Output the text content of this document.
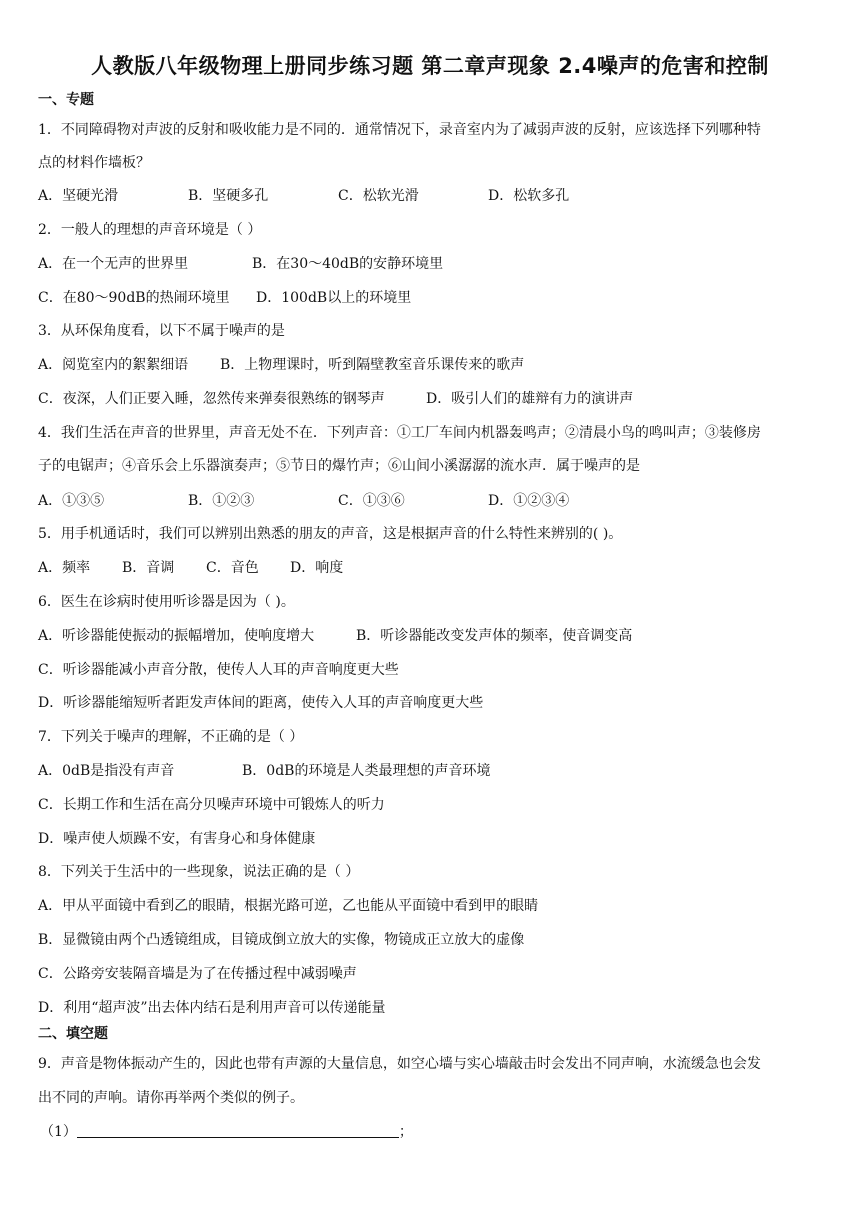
人教版八年级物理上册同步练习题 第二章声现象 2.4噪声的危害和控制
一、专题
1．不同障碍物对声波的反射和吸收能力是不同的．通常情况下，录音室内为了减弱声波的反射，应该选择下列哪种特
点的材料作墙板？
A．坚硬光滑	B．坚硬多孔	C．松软光滑	D．松软多孔
2．一般人的理想的声音环境是（ ）
A．在一个无声的世界里	B．在30～40dB的安静环境里
C．在80～90dB的热闹环境里 D．100dB以上的环境里
3．从环保角度看，以下不属于噪声的是
A．阅览室内的絮絮细语 B．上物理课时，听到隔壁教室音乐课传来的歌声
C．夜深，人们正要入睡，忽然传来弹奏很熟练的钢琴声	D．吸引人们的雄辩有力的演讲声
4．我们生活在声音的世界里，声音无处不在．下列声音：①工厂车间内机器轰鸣声；②清晨小鸟的鸣叫声；③装修房
子的电锯声；④音乐会上乐器演奏声；⑤节日的爆竹声；⑥山间小溪潺潺的流水声．属于噪声的是
A．①③⑤	B．①②③	C．①③⑥	D．①②③④
5．用手机通话时，我们可以辨别出熟悉的朋友的声音，这是根据声音的什么特性来辨别的( )。
A．频率 B．音调 C．音色 D．响度
6．医生在诊病时使用听诊器是因为（ )。
A．听诊器能使振动的振幅增加，使响度增大	B．听诊器能改变发声体的频率，使音调变高
C．听诊器能减小声音分散，使传人人耳的声音响度更大些
D．听诊器能缩短听者距发声体间的距离，使传入人耳的声音响度更大些
7．下列关于噪声的理解，不正确的是（ ）
A．0dB是指没有声音	B．0dB的环境是人类最理想的声音环境
C．长期工作和生活在高分贝噪声环境中可锻炼人的听力
D．噪声使人烦躁不安，有害身心和身体健康
8．下列关于生活中的一些现象，说法正确的是（ ）
A．甲从平面镜中看到乙的眼睛，根据光路可逆，乙也能从平面镜中看到甲的眼睛
B．显微镜由两个凸透镜组成，目镜成倒立放大的实像，物镜成正立放大的虚像
C．公路旁安装隔音墙是为了在传播过程中减弱噪声
D．利用“超声波”出去体内结石是利用声音可以传递能量
二、填空题
9．声音是物体振动产生的，因此也带有声源的大量信息，如空心墙与实心墙敲击时会发出不同声响，水流缓急也会发
出不同的声响。请你再举两个类似的例子。
（1）	；
